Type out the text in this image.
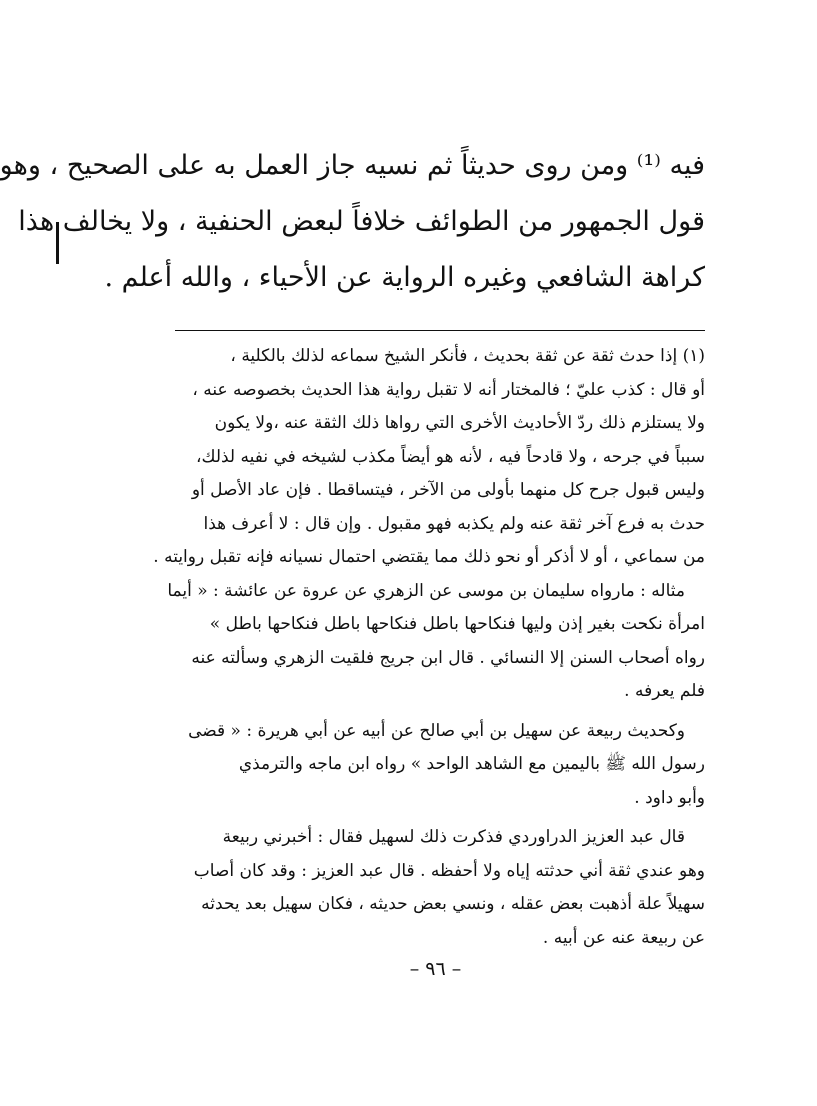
فيه ⁽¹⁾ ومن روى حديثاً ثم نسيه جاز العمل به على الصحيح ، وهو
قول الجمهور من الطوائف خلافاً لبعض الحنفية ، ولا يخالف هذا
كراهة الشافعي وغيره الرواية عن الأحياء ، والله أعلم .
(١) إذا حدث ثقة عن ثقة بحديث ، فأنكر الشيخ سماعه لذلك بالكلية ،
أو قال : كذب عليّ ؛ فالمختار أنه لا تقبل رواية هذا الحديث بخصوصه عنه ،
ولا يستلزم ذلك ردّ الأحاديث الأخرى التي رواها ذلك الثقة عنه ،ولا يكون
سبباً في جرحه ، ولا قادحاً فيه ، لأنه هو أيضاً مكذب لشيخه في نفيه لذلك،
وليس قبول جرح كل منهما بأولى من الآخر ، فيتساقطا . فإن عاد الأصل أو
حدث به فرع آخر ثقة عنه ولم يكذبه فهو مقبول . وإن قال : لا أعرف هذا
من سماعي ، أو لا أذكر أو نحو ذلك مما يقتضي احتمال نسيانه فإنه تقبل روايته .
مثاله : مارواه سليمان بن موسى عن الزهري عن عروة عن عائشة : « أيما
امرأة نكحت بغير إذن وليها فنكاحها باطل فنكاحها باطل فنكاحها باطل »
رواه أصحاب السنن إلا النسائي . قال ابن جريج فلقيت الزهري وسألته عنه
فلم يعرفه .
وكحديث ربيعة عن سهيل بن أبي صالح عن أبيه عن أبي هريرة : « قضى
رسول الله ﷺ باليمين مع الشاهد الواحد » رواه ابن ماجه والترمذي
وأبو داود .
قال عبد العزيز الدراوردي فذكرت ذلك لسهيل فقال : أخبرني ربيعة
وهو عندي ثقة أني حدثته إياه ولا أحفظه . قال عبد العزيز : وقد كان أصاب
سهيلاً علة أذهبت بعض عقله ، ونسي بعض حديثه ، فكان سهيل بعد يحدثه
عن ربيعة عنه عن أبيه .
– ٩٦ –
